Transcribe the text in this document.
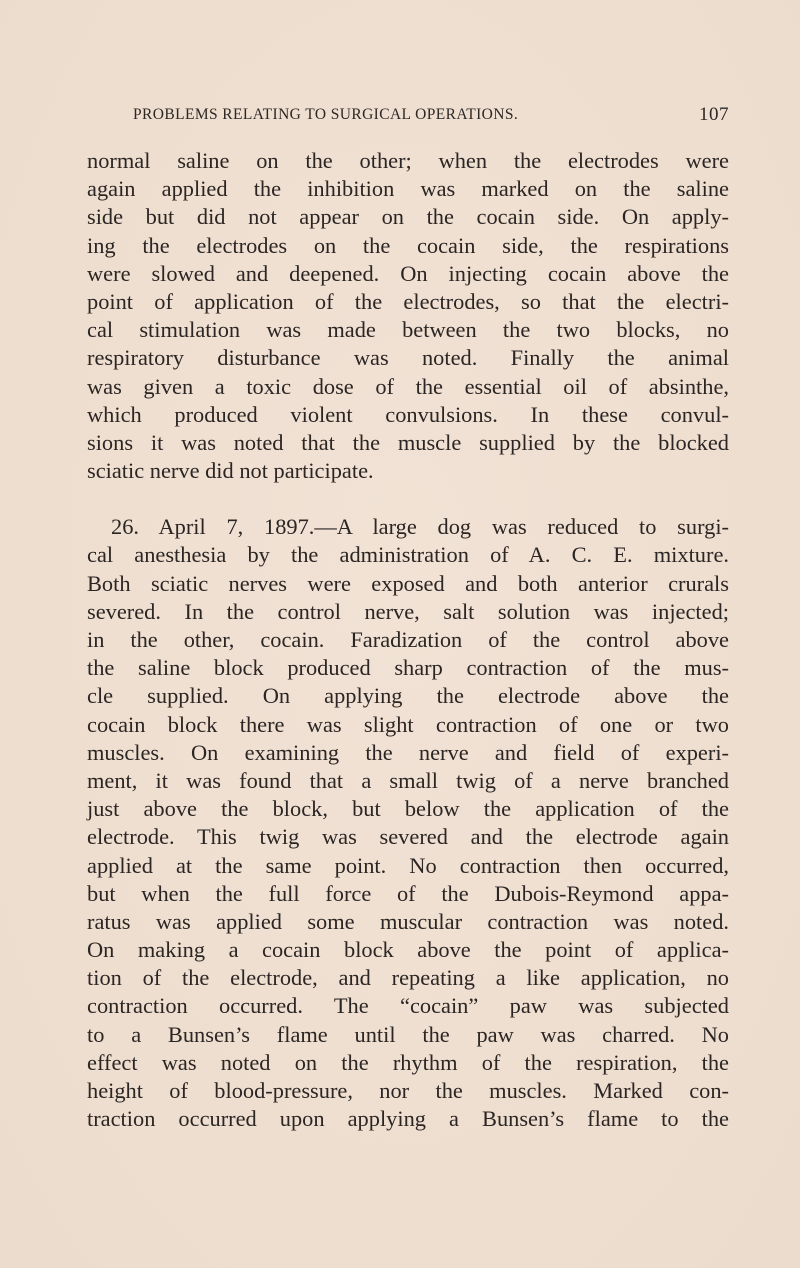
PROBLEMS RELATING TO SURGICAL OPERATIONS.	107
normal saline on the other; when the electrodes were
again applied the inhibition was marked on the saline
side but did not appear on the cocain side. On apply-
ing the electrodes on the cocain side, the respirations
were slowed and deepened. On injecting cocain above the
point of application of the electrodes, so that the electri-
cal stimulation was made between the two blocks, no
respiratory disturbance was noted. Finally the animal
was given a toxic dose of the essential oil of absinthe,
which produced violent convulsions. In these convul-
sions it was noted that the muscle supplied by the blocked
sciatic nerve did not participate.
26. April 7, 1897.—A large dog was reduced to surgi-
cal anesthesia by the administration of A. C. E. mixture.
Both sciatic nerves were exposed and both anterior crurals
severed. In the control nerve, salt solution was injected;
in the other, cocain. Faradization of the control above
the saline block produced sharp contraction of the mus-
cle supplied. On applying the electrode above the
cocain block there was slight contraction of one or two
muscles. On examining the nerve and field of experi-
ment, it was found that a small twig of a nerve branched
just above the block, but below the application of the
electrode. This twig was severed and the electrode again
applied at the same point. No contraction then occurred,
but when the full force of the Dubois-Reymond appa-
ratus was applied some muscular contraction was noted.
On making a cocain block above the point of applica-
tion of the electrode, and repeating a like application, no
contraction occurred. The “cocain” paw was subjected
to a Bunsen’s flame until the paw was charred. No
effect was noted on the rhythm of the respiration, the
height of blood-pressure, nor the muscles. Marked con-
traction occurred upon applying a Bunsen’s flame to the
